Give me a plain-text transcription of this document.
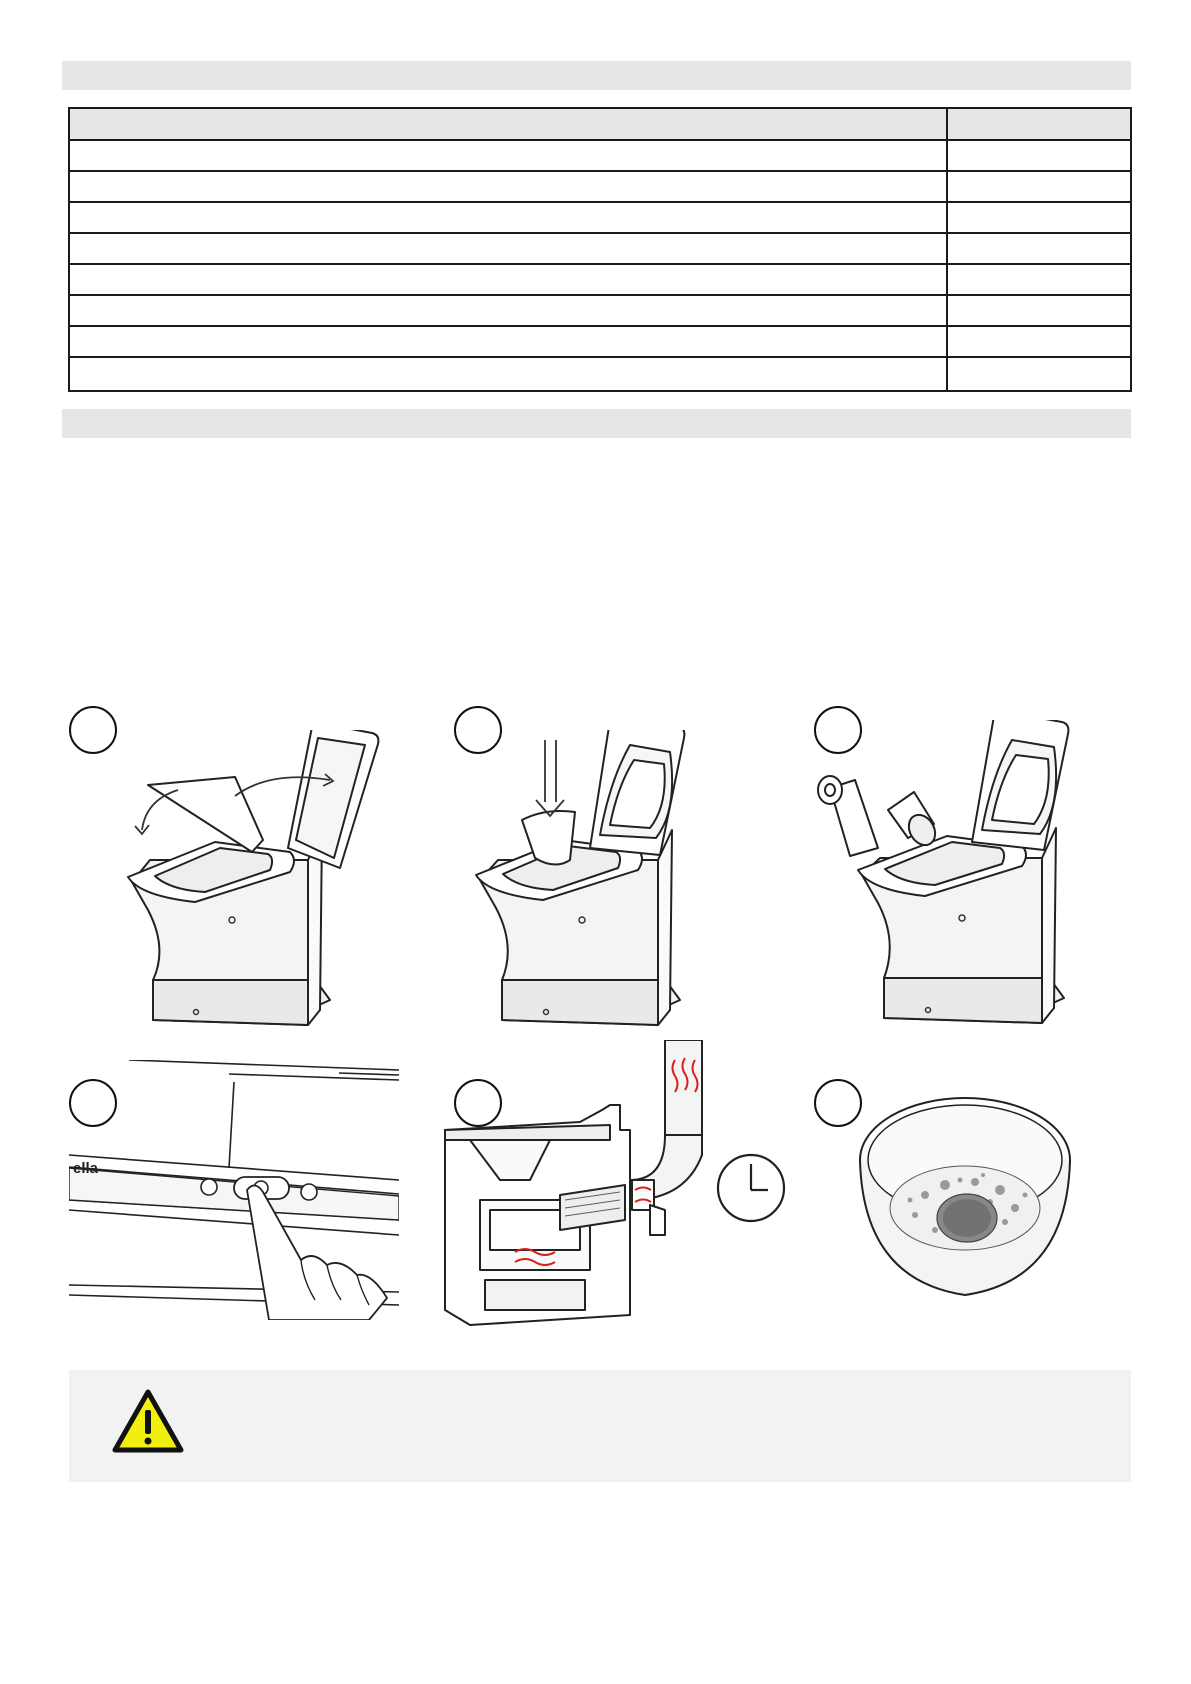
ella
